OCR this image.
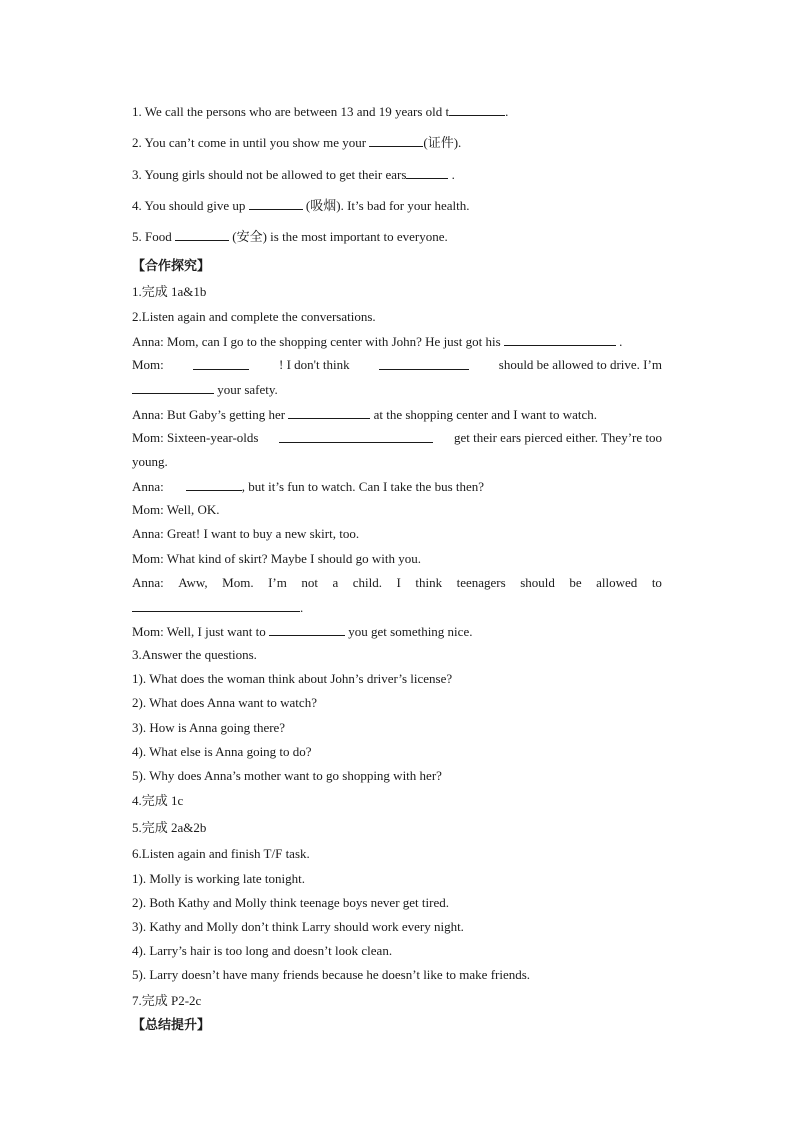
1. We call the persons who are between 13 and 19 years old t	.
2. You can’t come in until you show me your	(证件).
3. Young girls should not be allowed to get their ears	.
4. You should give up	(吸烟). It’s bad for your health.
5. Food	(安全) is the most important to everyone.
【合作探究】
1.完成 1a&1b
2.Listen again and complete the conversations.
Anna: Mom, can I go to the shopping center with John? He just got his	.
Mom:	! I don't think	should be allowed to drive. I’m
your safety.
Anna: But Gaby’s getting her	at the shopping center and I want to watch.
Mom: Sixteen-year-olds	get their ears pierced either. They’re too
young.
Anna:	, but it’s fun to watch. Can I take the bus then?
Mom: Well, OK.
Anna: Great! I want to buy a new skirt, too.
Mom: What kind of skirt? Maybe I should go with you.
Anna: Aww, Mom. I’m not a child. I think teenagers should be allowed to
.
Mom: Well, I just want to	you get something nice.
3.Answer the questions.
1). What does the woman think about John’s driver’s license?
2). What does Anna want to watch?
3). How is Anna going there?
4). What else is Anna going to do?
5). Why does Anna’s mother want to go shopping with her?
4.完成 1c
5.完成 2a&2b
6.Listen again and finish T/F task.
1). Molly is working late tonight.
2). Both Kathy and Molly think teenage boys never get tired.
3). Kathy and Molly don’t think Larry should work every night.
4). Larry’s hair is too long and doesn’t look clean.
5). Larry doesn’t have many friends because he doesn’t like to make friends.
7.完成 P2-2c
【总结提升】
